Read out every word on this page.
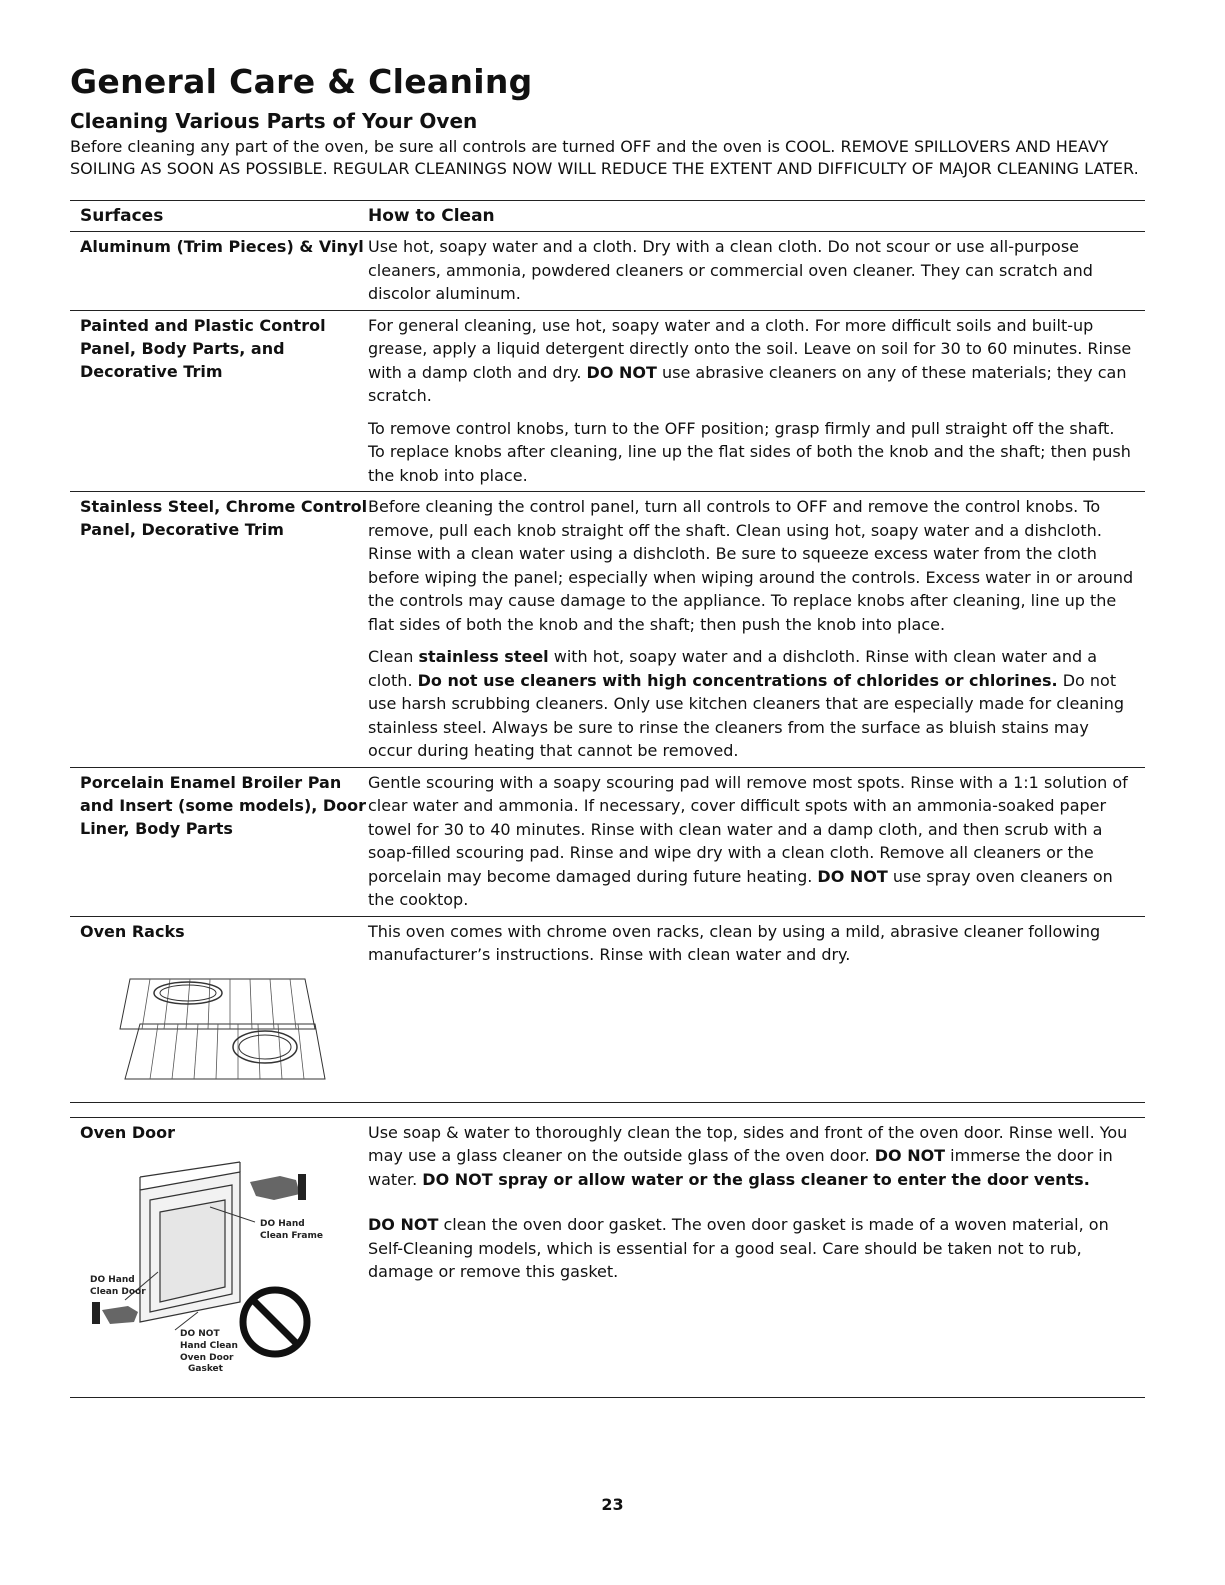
General Care & Cleaning
Cleaning Various Parts of Your Oven

Before cleaning any part of the oven, be sure all controls are turned OFF and the oven is COOL. REMOVE SPILLOVERS AND HEAVY SOILING AS SOON AS POSSIBLE. REGULAR CLEANINGS NOW WILL REDUCE THE EXTENT AND DIFFICULTY OF MAJOR CLEANING LATER.

Surfaces	How to Clean
Aluminum (Trim Pieces) & Vinyl Use hot, soapy water and a cloth. Dry with a clean cloth. Do not scour or use all-purpose cleaners, ammonia, powdered cleaners or commercial oven cleaner. They can scratch and discolor aluminum.

Painted and Plastic Control Panel, Body Parts, and Decorative Trim

For general cleaning, use hot, soapy water and a cloth. For more difficult soils and built-up grease, apply a liquid detergent directly onto the soil. Leave on soil for 30 to 60 minutes. Rinse with a damp cloth and dry. DO NOT use abrasive cleaners on any of these materials; they can scratch.

To remove control knobs, turn to the OFF position; grasp firmly and pull straight off the shaft. To replace knobs after cleaning, line up the flat sides of both the knob and the shaft; then push the knob into place.

Stainless Steel, Chrome Control Panel, Decorative Trim

Before cleaning the control panel, turn all controls to OFF and remove the control knobs. To remove, pull each knob straight off the shaft. Clean using hot, soapy water and a dishcloth. Rinse with a clean water using a dishcloth. Be sure to squeeze excess water from the cloth before wiping the panel; especially when wiping around the controls. Excess water in or around the controls may cause damage to the appliance. To replace knobs after cleaning, line up the flat sides of both the knob and the shaft; then push the knob into place.

Clean stainless steel with hot, soapy water and a dishcloth. Rinse with clean water and a cloth. Do not use cleaners with high concentrations of chlorides or chlorines. Do not use harsh scrubbing cleaners. Only use kitchen cleaners that are especially made for cleaning stainless steel. Always be sure to rinse the cleaners from the surface as bluish stains may occur during heating that cannot be removed.

Porcelain Enamel Broiler Pan and Insert (some models), Door Liner, Body Parts

Gentle scouring with a soapy scouring pad will remove most spots. Rinse with a 1:1 solution of clear water and ammonia. If necessary, cover difficult spots with an ammonia-soaked paper towel for 30 to 40 minutes. Rinse with clean water and a damp cloth, and then scrub with a soap-filled scouring pad. Rinse and wipe dry with a clean cloth. Remove all cleaners or the porcelain may become damaged during future heating. DO NOT use spray oven cleaners on the cooktop.

Oven Racks	This oven comes with chrome oven racks, clean by using a mild, abrasive cleaner following manufacturer’s instructions. Rinse with clean water and dry.

Oven Door
DO Hand
Clean Frame
DO Hand
Clean Door
DO NOT
Hand Clean
Oven Door
Gasket

Use soap & water to thoroughly clean the top, sides and front of the oven door. Rinse well. You may use a glass cleaner on the outside glass of the oven door. DO NOT immerse the door in water. DO NOT spray or allow water or the glass cleaner to enter the door vents.

DO NOT clean the oven door gasket. The oven door gasket is made of a woven material, on Self-Cleaning models, which is essential for a good seal. Care should be taken not to rub, damage or remove this gasket.

23
